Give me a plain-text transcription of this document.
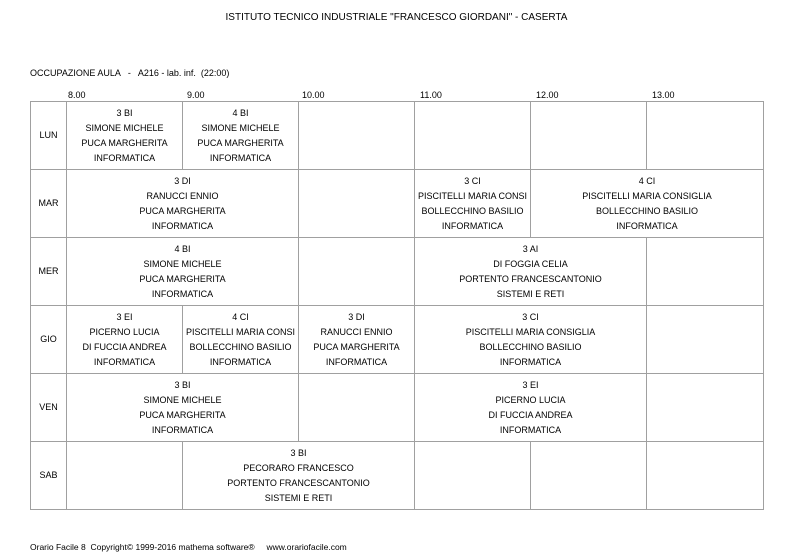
ISTITUTO TECNICO INDUSTRIALE "FRANCESCO GIORDANI" - CASERTA
OCCUPAZIONE AULA   -   A216 - lab. inf.  (22:00)
8.00	9.00	10.00	11.00	12.00	13.00
LUN	3 BI
SIMONE MICHELE
PUCA MARGHERITA
INFORMATICA	4 BI
SIMONE MICHELE
PUCA MARGHERITA
INFORMATICA				

MAR	3 DI
RANUCCI ENNIO
PUCA MARGHERITA
INFORMATICA			3 CI
PISCITELLI MARIA CONSI
BOLLECCHINO BASILIO
INFORMATICA	4 CI
PISCITELLI MARIA CONSIGLIA
BOLLECCHINO BASILIO
INFORMATICA	

MER	4 BI
SIMONE MICHELE
PUCA MARGHERITA
INFORMATICA			3 AI
DI FOGGIA CELIA
PORTENTO FRANCESCANTONIO
SISTEMI E RETI		

GIO	3 EI
PICERNO LUCIA
DI FUCCIA ANDREA
INFORMATICA	4 CI
PISCITELLI MARIA CONSI
BOLLECCHINO BASILIO
INFORMATICA	3 DI
RANUCCI ENNIO
PUCA MARGHERITA
INFORMATICA	3 CI
PISCITELLI MARIA CONSIGLIA
BOLLECCHINO BASILIO
INFORMATICA		

VEN	3 BI
SIMONE MICHELE
PUCA MARGHERITA
INFORMATICA			3 EI
PICERNO LUCIA
DI FUCCIA ANDREA
INFORMATICA		

SAB		3 BI
PECORARO FRANCESCO
PORTENTO FRANCESCANTONIO
SISTEMI E RETI				

Orario Facile 8  Copyright© 1999-2016 mathema software®     www.orariofacile.com
